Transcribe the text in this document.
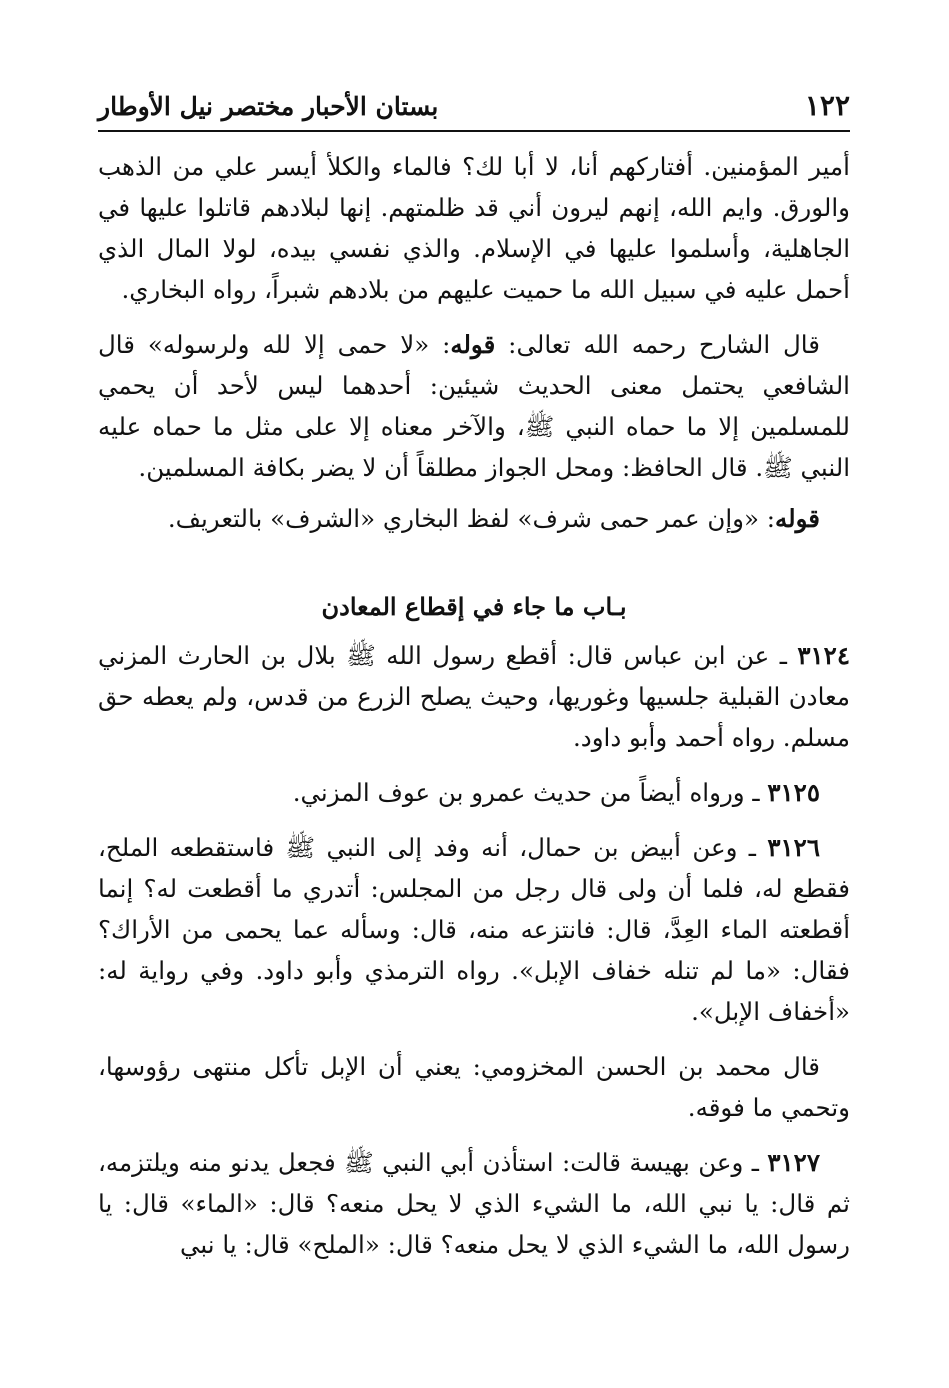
١٢٢
بستان الأحبار مختصر نيل الأوطار

أمير المؤمنين. أفتاركهم أنا، لا أبا لك؟ فالماء والكلأ أيسر علي من الذهب والورق. وايم الله، إنهم ليرون أني قد ظلمتهم. إنها لبلادهم قاتلوا عليها في الجاهلية، وأسلموا عليها في الإسلام. والذي نفسي بيده، لولا المال الذي أحمل عليه في سبيل الله ما حميت عليهم من بلادهم شبراً، رواه البخاري.

قال الشارح رحمه الله تعالى: قوله: «لا حمى إلا لله ولرسوله» قال الشافعي يحتمل معنى الحديث شيئين: أحدهما ليس لأحد أن يحمي للمسلمين إلا ما حماه النبي ﷺ، والآخر معناه إلا على مثل ما حماه عليه النبي ﷺ. قال الحافظ: ومحل الجواز مطلقاً أن لا يضر بكافة المسلمين.

قوله: «وإن عمر حمى شرف» لفظ البخاري «الشرف» بالتعريف.

بـاب ما جاء في إقطاع المعادن

٣١٢٤ ـ عن ابن عباس قال: أقطع رسول الله ﷺ بلال بن الحارث المزني معادن القبلية جلسيها وغوريها، وحيث يصلح الزرع من قدس، ولم يعطه حق مسلم. رواه أحمد وأبو داود.

٣١٢٥ ـ ورواه أيضاً من حديث عمرو بن عوف المزني.

٣١٢٦ ـ وعن أبيض بن حمال، أنه وفد إلى النبي ﷺ فاستقطعه الملح، فقطع له، فلما أن ولى قال رجل من المجلس: أتدري ما أقطعت له؟ إنما أقطعته الماء العِدَّ، قال: فانتزعه منه، قال: وسأله عما يحمى من الأراك؟ فقال: «ما لم تنله خفاف الإبل». رواه الترمذي وأبو داود. وفي رواية له: «أخفاف الإبل».

قال محمد بن الحسن المخزومي: يعني أن الإبل تأكل منتهى رؤوسها، وتحمي ما فوقه.

٣١٢٧ ـ وعن بهيسة قالت: استأذن أبي النبي ﷺ فجعل يدنو منه ويلتزمه، ثم قال: يا نبي الله، ما الشيء الذي لا يحل منعه؟ قال: «الماء» قال: يا رسول الله، ما الشيء الذي لا يحل منعه؟ قال: «الملح» قال: يا نبي
